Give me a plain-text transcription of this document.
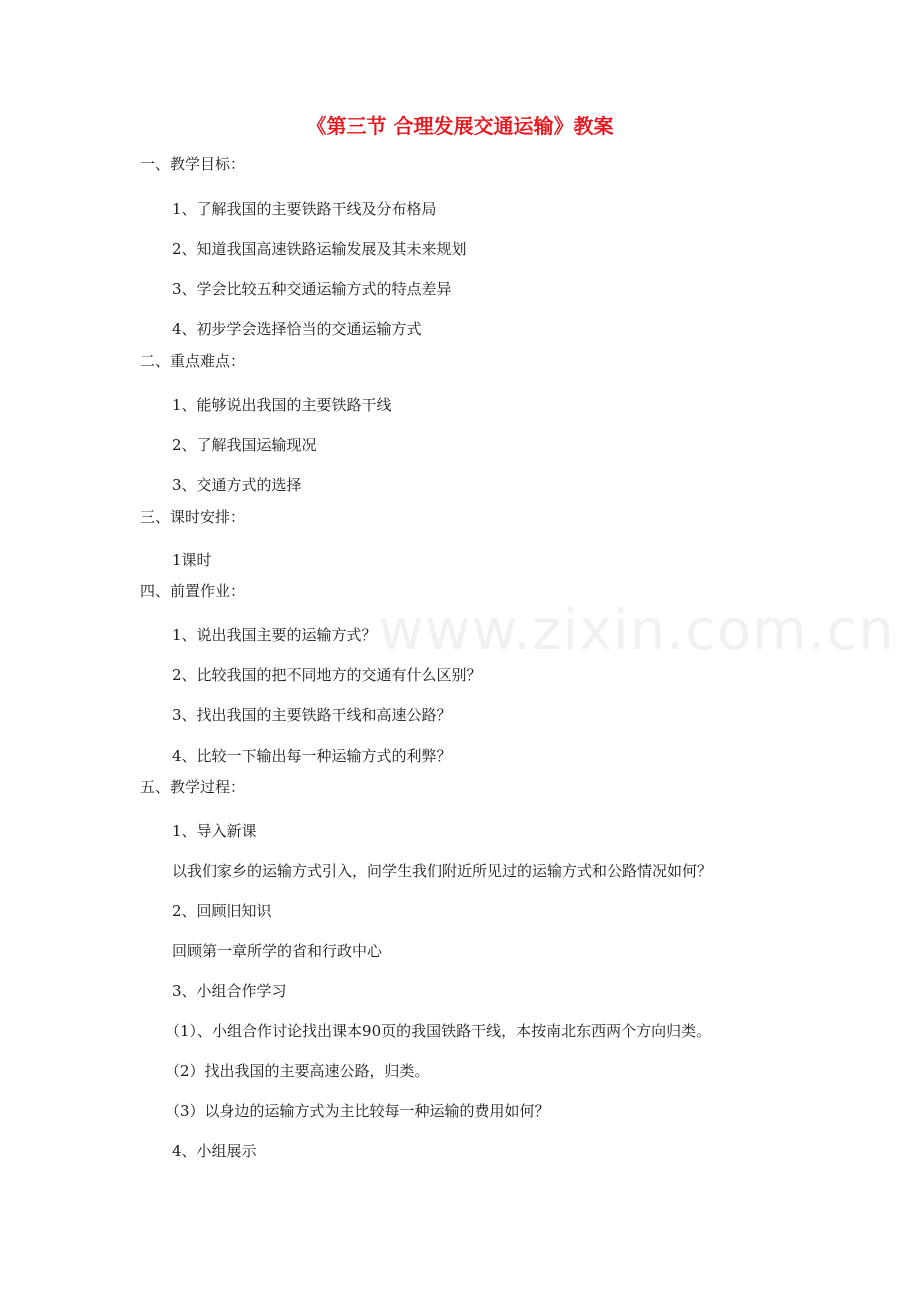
www.zixin.com.cn
《第三节 合理发展交通运输》教案
一、教学目标：
1、了解我国的主要铁路干线及分布格局
2、知道我国高速铁路运输发展及其未来规划
3、学会比较五种交通运输方式的特点差异
4、初步学会选择恰当的交通运输方式
二、重点难点：
1、能够说出我国的主要铁路干线
2、了解我国运输现况
3、交通方式的选择
三、课时安排：
1课时
四、前置作业：
1、说出我国主要的运输方式？
2、比较我国的把不同地方的交通有什么区别？
3、找出我国的主要铁路干线和高速公路？
4、比较一下输出每一种运输方式的利弊？
五、教学过程：
1、导入新课
以我们家乡的运输方式引入，问学生我们附近所见过的运输方式和公路情况如何？
2、回顾旧知识
回顾第一章所学的省和行政中心
3、小组合作学习
（1）、小组合作讨论找出课本90页的我国铁路干线，本按南北东西两个方向归类。
（2）找出我国的主要高速公路，归类。
（3）以身边的运输方式为主比较每一种运输的费用如何？
4、小组展示
